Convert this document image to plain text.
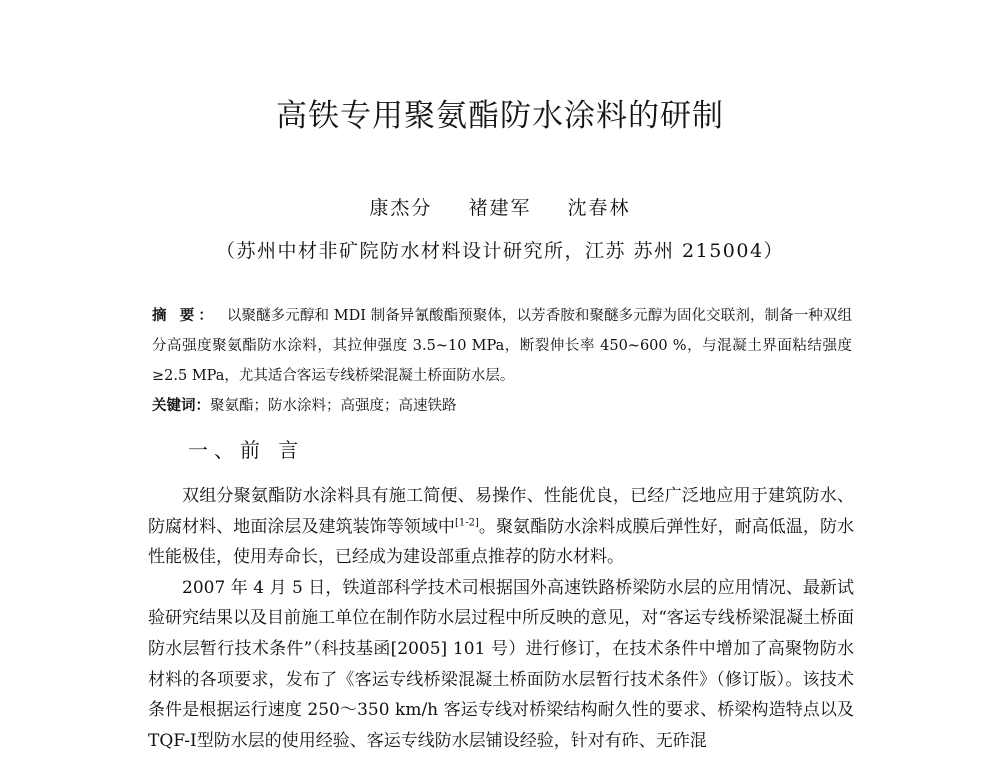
高铁专用聚氨酯防水涂料的研制
康杰分 褚建军 沈春林
（苏州中材非矿院防水材料设计研究所，江苏 苏州 215004）
摘 要： 以聚醚多元醇和 MDI 制备异氰酸酯预聚体，以芳香胺和聚醚多元醇为固化交联剂，制备一种双组分高强度聚氨酯防水涂料，其拉伸强度 3.5~10 MPa，断裂伸长率 450~600 %，与混凝土界面粘结强度≥2.5 MPa，尤其适合客运专线桥梁混凝土桥面防水层。
关键词：聚氨酯；防水涂料；高强度；高速铁路
一、前 言

双组分聚氨酯防水涂料具有施工简便、易操作、性能优良，已经广泛地应用于建筑防水、防腐材料、地面涂层及建筑装饰等领域中[1-2]。聚氨酯防水涂料成膜后弹性好，耐高低温，防水性能极佳，使用寿命长，已经成为建设部重点推荐的防水材料。

2007 年 4 月 5 日，铁道部科学技术司根据国外高速铁路桥梁防水层的应用情况、最新试验研究结果以及目前施工单位在制作防水层过程中所反映的意见，对“客运专线桥梁混凝土桥面防水层暂行技术条件”（科技基函[2005] 101 号）进行修订，在技术条件中增加了高聚物防水材料的各项要求，发布了《客运专线桥梁混凝土桥面防水层暂行技术条件》（修订版）。该技术条件是根据运行速度 250～350 km/h 客运专线对桥梁结构耐久性的要求、桥梁构造特点以及 TQF-Ⅰ型防水层的使用经验、客运专线防水层铺设经验，针对有砟、无砟混
